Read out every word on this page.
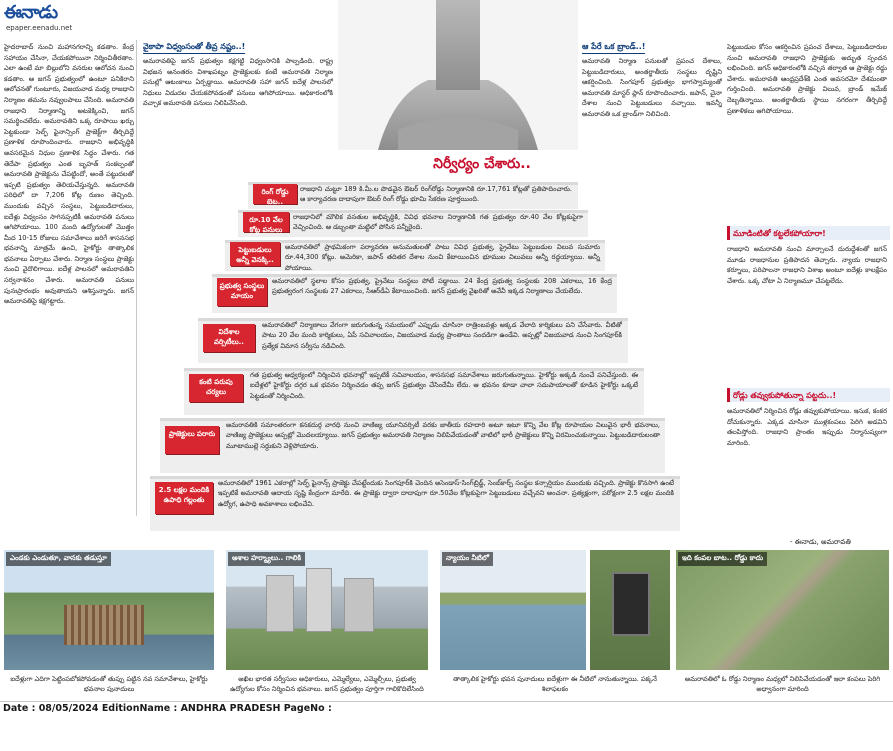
ఈనాడు
epaper.eenadu.net
హైదరాబాద్‌ నుంచి మహానగరాన్ని కడతాం. కేంద్ర సహాయం చేసినా, చేయకపోయినా నిర్మించితీరతాం. ఎలా ఉంటే మా బిల్లులోని వనరుల ఆలోచన నుంచి కడతాం. ఆ జగన్‌ ప్రభుత్వంలో ఉంటూ పనికిరాని ఆలోచనతో గుంటూరు, విజయవాడ మధ్య రాజధాని నిర్మాణం తమను నవ్వులపాలు చేసింది. అమరావతి రాజధాని నిర్మాణాన్ని అటకెక్కించి, జగన్‌ సమర్థించలేదు. అమరావతిని ఒక్క రూపాయి ఖర్చు పెట్టకుండా సెల్ఫ్‌ ఫైనాన్సింగ్‌ ప్రాజెక్ట్‌గా తీర్చిదిద్దే ప్రణాళిక రూపొందించారు. రాజధాని అభివృద్ధికి అవసరమైన నిధుల ప్రణాళిక సిద్ధం చేశారు. గత తెదేపా ప్రభుత్వం ఎంత బృహత్‌ సంకల్పంతో అమరావతి ప్రాజెక్టును చేపట్టిందో, అంతే పట్టుదలతో ఇప్పటి ప్రభుత్వం తెలియచేస్తున్నది. అమరావతి పరిధిలో దా 7,206 కోట్ల రుణం తెచ్చింది. ముందుకు వచ్చిన సంస్థలు, పెట్టుబడిదారులు, ఐదేళ్లు విధ్వంసం సాగినప్పటికీ అమరావతి పనులు ఆగిపోయాయి. 100 మంది ఉద్యోగులతో మొత్తం మీద 10-15 రోజులు సమావేశాలు జరిగే శాసనసభ భవనాన్ని మాత్రమే ఉంచి, హైకోర్టు తాత్కాలిక భవనాలు ఏర్పాటు చేశారు. నిర్మాణ సంస్థలు ప్రాజెక్టు నుంచి వైదొలిగాయి. ఐదేళ్ల పాలనలో అమరావతిని సర్వనాశనం చేశారు. అమరావతి పనులు పునఃప్రారంభం అవుతాయని ఆశిస్తున్నారు. జగన్‌ అమరావతిపై కక్షగట్టారు.
వైకాపా విధ్వంసంతో తీవ్ర నష్టం..!
అమరావతిపై జగన్‌ ప్రభుత్వం కక్షగట్టి విధ్వంసానికి పాల్పడింది. రాష్ట్ర విభజన అనంతరం విశాఖపట్నం ప్రాజెక్టులకు కంటే అమరావతి నిర్మాణ పనుల్లో ఆటంకాలు ఏర్పడ్డాయి. అమరావతి సహా జగన్‌ ఐదేళ్ల పాలనలో నిధులు విడుదల చేయకపోవడంతో పనులు ఆగిపోయాయి. అధికారంలోకి వచ్చాక అమరావతి పనులు నిలిపివేసింది.
ఆ పేరే ఒక బ్రాండ్‌..!
అమరావతి నిర్మాణ పనులతో ప్రపంచ దేశాలు, పెట్టుబడిదారులు, అంతర్జాతీయ సంస్థలు దృష్టిని ఆకర్షించింది. సింగపూర్‌ ప్రభుత్వం భాగస్వామ్యంతో అమరావతి మాస్టర్‌ ప్లాన్‌ రూపొందించారు. జపాన్‌, చైనా దేశాల నుంచి పెట్టుబడులు వచ్చాయి. ఇవన్నీ అమరావతి ఒక బ్రాండ్‌గా నిలిచింది.
నిర్వీర్యం చేశారు..
రింగ్‌ రోడ్డు బెట..
రాజధాని చుట్టూ 189 కి.మీ.ల పొడవైన ఔటర్‌ రింగ్‌రోడ్డు నిర్మాణానికి రూ.17,761 కోట్లతో ప్రతిపాదించారు. ఆ కార్యాచరణ దాదాపుగా ఔటర్‌ రింగ్‌ రోడ్డు భూమి సేకరణ పూర్తయింది.
రూ.10 వేల కోట్ల పనులు
రాజధానిలో మౌలిక వసతుల అభివృద్ధికి, వివిధ భవనాల నిర్మాణానికి గత ప్రభుత్వం రూ.40 వేల కోట్లకుపైగా వెచ్చించింది. ఆ డబ్బంతా మట్టిలో పోసిన పన్నీరైంది.
పెట్టుబడులు అన్నీ వెనక్కి..
అమరావతిలో ప్రాథమికంగా పర్యావరణ అనుమతులతో పాటు వివిధ ప్రభుత్వ, ప్రైవేటు పెట్టుబడుల విలువ సుమారు రూ.44,300 కోట్లు. అమెరికా, జపాన్‌ తదితర దేశాల నుంచి కేటాయించిన భూముల విలువలు అన్నీ రద్దయ్యాయి. అన్నీ పోయాయి.
ప్రభుత్వ సంస్థలు మాయం
అమరావతిలో స్థలాల కోసం ప్రభుత్వ, ప్రైవేటు సంస్థలు పోటీ పడ్డాయి. 24 కేంద్ర ప్రభుత్వ సంస్థలకు 208 ఎకరాలు, 16 కేంద్ర ప్రభుత్వరంగ సంస్థలకు 27 ఎకరాలు, సీఆర్‌డీఏ కేటాయించింది. జగన్‌ ప్రభుత్వ వైఖరితో అవేవీ ఇక్కడ నిర్మాణాలు చేయలేదు.
విదేశాల వర్సిటీలు..
అమరావతిలో నిర్మాణాలు వేగంగా జరుగుతున్న సమయంలో ఎప్పుడు చూసినా రాత్రింబవళ్లు అక్కడ వేలాది కార్మికులు పని చేసేవారు. వీటితో పాటు 20 వేల మంది కార్మికులు, ఏపీ సచివాలయం, విజయవాడ మధ్య ప్రాంతాలు సందడిగా ఉండేవి. అప్పట్లో విజయవాడ నుంచి సింగపూర్‌కి ప్రత్యేక విమాన సర్వీసు నడిచింది.
కంటి పరుపు చర్యలు
గత ప్రభుత్వ ఆధ్వర్యంలో నిర్మించిన భవనాల్లో ఇప్పటికీ సచివాలయం, శాసనసభ సమావేశాలు జరుగుతున్నాయి. హైకోర్టు అక్కడి నుంచే పనిచేస్తుంది. ఈ ఐదేళ్లలో హైకోర్టు దగ్గర ఒక భవనం నిర్మించడం తప్ప జగన్‌ ప్రభుత్వం చేసిందేమీ లేదు. ఆ భవనం కూడా చాలా సదుపాయాలతో కూడిన హైకోర్టు ఒక్కటే పెట్టడంతో నిర్మించింది.
ప్రాజెక్టులు పరారు
అమరావతికి సమాంతరంగా కనకదుర్గ వారధి నుంచి వాణిజ్య యూనివర్సిటీ వరకు జాతీయ రహదారి అటూ ఇటూ కొన్ని వేల కోట్ల రూపాయల విలువైన భారీ భవనాలు, వాణిజ్య ప్రాజెక్టులు అప్పట్లో మొదలయ్యాయి. జగన్‌ ప్రభుత్వం అమరావతి నిర్మాణం నిలిపివేయడంతో వాటిలో భారీ ప్రాజెక్టులు కొన్ని విరమించుకున్నాయి. పెట్టుబడిదారులంతా మూటాముల్లె సర్దుకుని వెళ్లిపోయారు.
2.5 లక్షల మందికి ఉపాధి గల్లంతు
అమరావతిలో 1961 ఎకరాల్లో సెల్ఫ్‌ ఫైనాన్స్‌ ప్రాజెక్టు చేపట్టేందుకు సింగపూర్‌కి చెందిన అసెండాస్‌-సింగ్‌బ్రిడ్జ్‌, సెంబ్‌కార్ప్‌ సంస్థల కన్సార్షియం ముందుకు వచ్చింది. ప్రాజెక్టు కొనసాగి ఉంటే ఇప్పటికే అమరావతి ఆదాయ సృష్టి కేంద్రంగా మారేది. ఈ ప్రాజెక్టు ద్వారా దాదాపుగా రూ.50వేల కోట్లకుపైగా పెట్టుబడులు వచ్చేవని అంచనా. ప్రత్యక్షంగా, పరోక్షంగా 2.5 లక్షల మందికి ఉద్యోగ, ఉపాధి అవకాశాలు లభించేవి.
పెట్టుబడుల కోసం ఆకర్షించిన ప్రపంచ దేశాలు, పెట్టుబడిదారుల నుంచి అమరావతి రాజధాని ప్రాజెక్టుకు అద్భుత స్పందన లభించింది. జగన్‌ అధికారంలోకి వచ్చిన తర్వాత ఆ ప్రాజెక్టు రద్దు చేశారు. అమరావతి ఆంధ్రప్రదేశ్‌కి ఎంత అవసరమో దేశమంతా గుర్తించింది. అమరావతి ప్రాజెక్టు విలువ, బ్రాండ్‌ ఇమేజ్‌ దెబ్బతిన్నాయి. అంతర్జాతీయ స్థాయి నగరంగా తీర్చిదిద్దే ప్రణాళికలు ఆగిపోయాయి.
మూడింటితో కట్టలేకపోయారా!
రాజధాని అమరావతి నుంచి మార్చాలనే దురుద్దేశంతో జగన్‌ మూడు రాజధానుల ప్రతిపాదన తెచ్చారు. న్యాయ రాజధాని కర్నూలు, పరిపాలనా రాజధాని విశాఖ అంటూ ఐదేళ్లు కాలక్షేపం చేశారు. ఒక్క చోటా ఏ నిర్మాణమూ చేపట్టలేదు.
రోడ్లు తవ్వుకుపోతున్నా పట్టదు..!
అమరావతిలో నిర్మించిన రోడ్లు తవ్వుకుపోయాయి. ఇసుక, కంకర దోచుకున్నారు. ఎక్కడ చూసినా ముళ్లకంపలు పెరిగి అడవిని తలపిస్తోంది. రాజధాని ప్రాంతం ఇప్పుడు నిర్మానుష్యంగా మారింది.
- ఈనాడు, అమరావతి
ఎండకు ఎండుతూ, వానకు తడుస్తూ	ఆశాల హర్మ్యాలు.. గాలికి	న్యాయం నీటిలో	ఇది కంపల బాట.. రోడ్డు కాదు
ఐదేళ్లుగా ఎదిగా పెట్టింపబోకపోవడంతో తుప్పు పట్టిన నవ సమావేశాలు, హైకోర్టు భవనాల పునాదులు
అఖిల భారత సర్వీసుల అధికారులు, ఎమ్మెల్యేలు, ఎమ్మెల్సీలు, ప్రభుత్వ ఉద్యోగుల కోసం నిర్మించిన భవనాలు. జగన్‌ ప్రభుత్వం పూర్తిగా గాలికొదిలేసింది
తాత్కాలిక హైకోర్టు భవన పునాదులు ఐదేళ్లుగా ఈ నీటిలో నానుతున్నాయి. పక్కనే శిలాఫలకం
అమరావతిలో ఓ రోడ్డు నిర్మాణం మధ్యలో నిలిపివేయడంతో ఇలా కంపలు పెరిగి అధ్వానంగా మారింది
Date : 08/05/2024 EditionName : ANDHRA PRADESH PageNo :
